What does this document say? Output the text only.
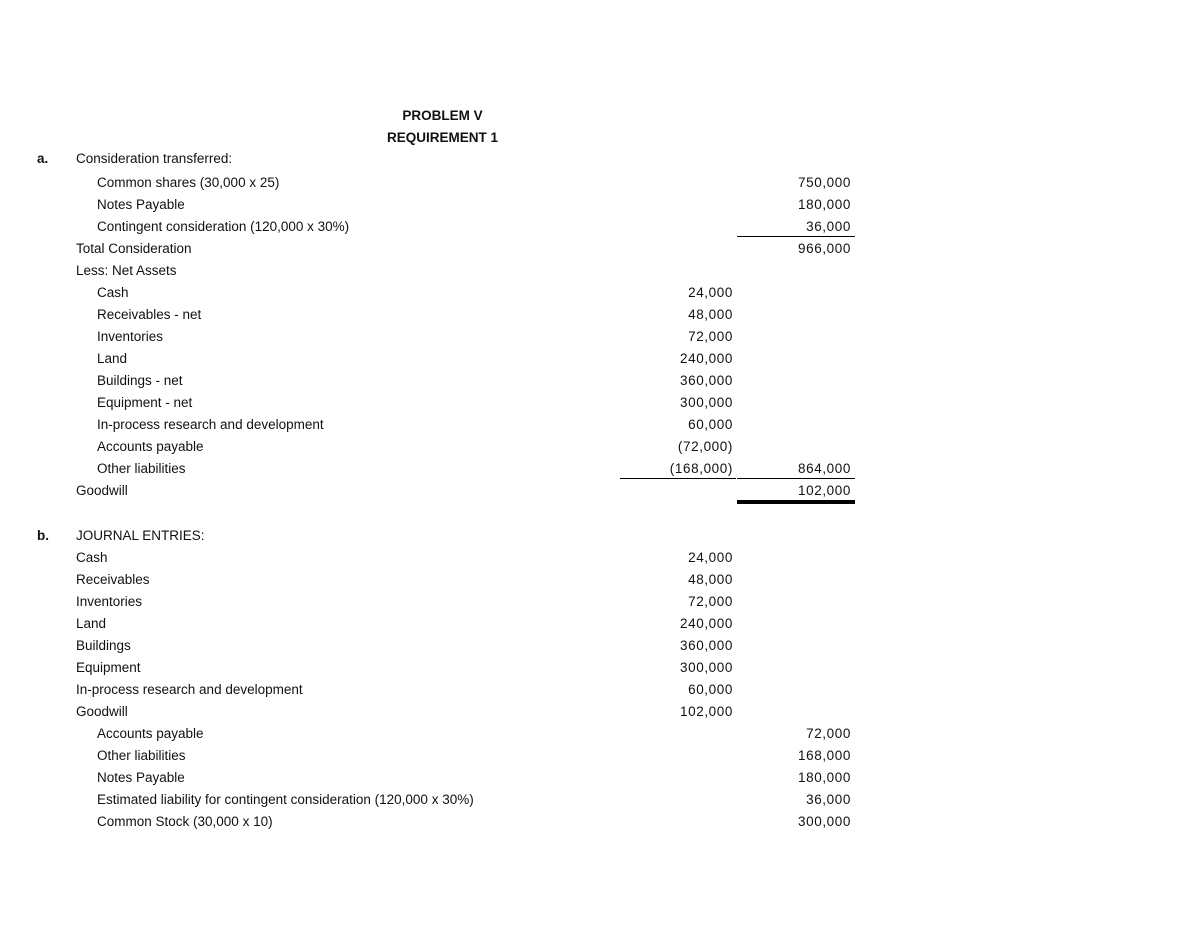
PROBLEM V
REQUIREMENT 1
a. Consideration transferred:
Common shares (30,000 x 25)	750,000
Notes Payable	180,000
Contingent consideration (120,000 x 30%)	36,000
Total Consideration	966,000
Less: Net Assets
Cash	24,000
Receivables - net	48,000
Inventories	72,000
Land	240,000
Buildings - net	360,000
Equipment - net	300,000
In-process research and development	60,000
Accounts payable	(72,000)
Other liabilities	(168,000)	864,000
Goodwill	102,000
b. JOURNAL ENTRIES:
Cash	24,000
Receivables	48,000
Inventories	72,000
Land	240,000
Buildings	360,000
Equipment	300,000
In-process research and development	60,000
Goodwill	102,000
Accounts payable	72,000
Other liabilities	168,000
Notes Payable	180,000
Estimated liability for contingent consideration (120,000 x 30%)	36,000
Common Stock (30,000 x 10)	300,000
